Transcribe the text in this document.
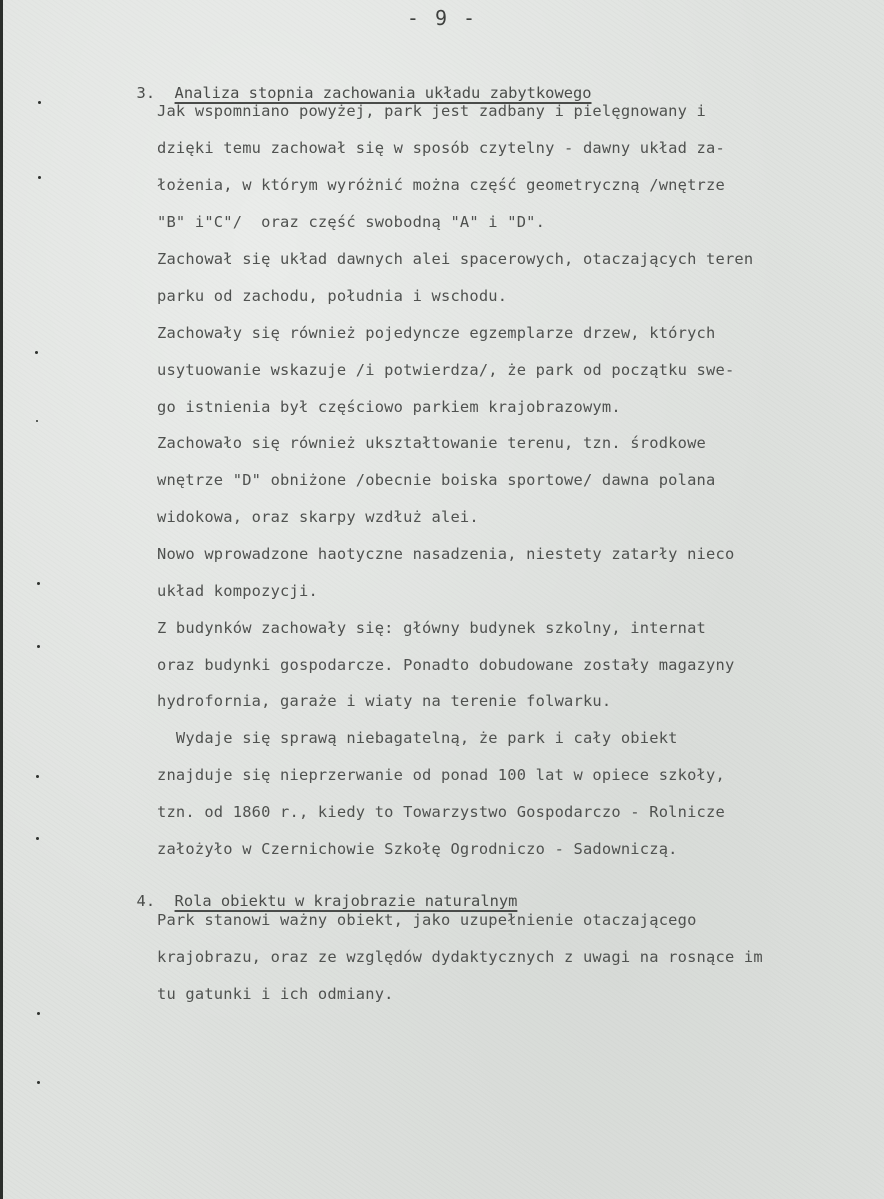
- 9 -

3. Analiza stopnia zachowania układu zabytkowego

Jak wspomniano powyżej, park jest zadbany i pielęgnowany i
dzięki temu zachował się w sposób czytelny - dawny układ za-
łożenia, w którym wyróżnić można część geometryczną /wnętrze
"B" i"C"/  oraz część swobodną "A" i "D".
Zachował się układ dawnych alei spacerowych, otaczających teren
parku od zachodu, południa i wschodu.
Zachowały się również pojedyncze egzemplarze drzew, których
usytuowanie wskazuje /i potwierdza/, że park od początku swe-
go istnienia był częściowo parkiem krajobrazowym.
Zachowało się również ukształtowanie terenu, tzn. środkowe
wnętrze "D" obniżone /obecnie boiska sportowe/ dawna polana
widokowa, oraz skarpy wzdłuż alei.
Nowo wprowadzone haotyczne nasadzenia, niestety zatarły nieco
układ kompozycji.
Z budynków zachowały się: główny budynek szkolny, internat
oraz budynki gospodarcze. Ponadto dobudowane zostały magazyny
hydrofornia, garaże i wiaty na terenie folwarku.
Wydaje się sprawą niebagatelną, że park i cały obiekt
znajduje się nieprzerwanie od ponad 100 lat w opiece szkoły,
tzn. od 1860 r., kiedy to Towarzystwo Gospodarczo - Rolnicze
założyło w Czernichowie Szkołę Ogrodniczo - Sadowniczą.

4. Rola obiektu w krajobrazie naturalnym

Park stanowi ważny obiekt, jako uzupełnienie otaczającego
krajobrazu, oraz ze względów dydaktycznych z uwagi na rosnące im
tu gatunki i ich odmiany.
